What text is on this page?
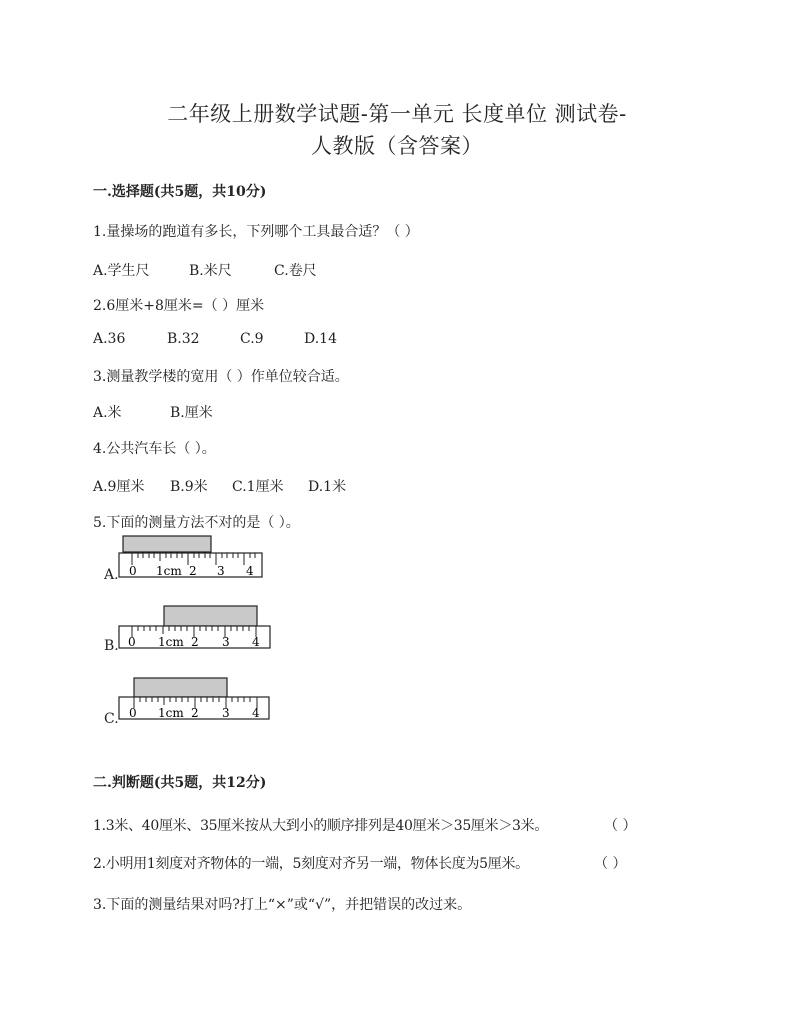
二年级上册数学试题-第一单元 长度单位 测试卷-
人教版（含答案）
一.选择题(共5题，共10分)
1.量操场的跑道有多长，下列哪个工具最合适？（ ）
A.学生尺	B.米尺	C.卷尺
2.6厘米+8厘米=（ ）厘米
A.36	B.32	C.9	D.14
3.测量教学楼的宽用（ ）作单位较合适。
A.米	B.厘米
4.公共汽车长（ ）。
A.9厘米 B.9米 C.1厘米 D.1米
5.下面的测量方法不对的是（ ）。
A. 0 1cm 2 3 4
B. 0 1cm 2 3 4
C. 0 1cm 2 3 4
二.判断题(共5题，共12分)
1.3米、40厘米、35厘米按从大到小的顺序排列是40厘米＞35厘米＞3米。	（ ）
2.小明用1刻度对齐物体的一端，5刻度对齐另一端，物体长度为5厘米。	（ ）
3.下面的测量结果对吗?打上“×”或“√”，并把错误的改过来。
